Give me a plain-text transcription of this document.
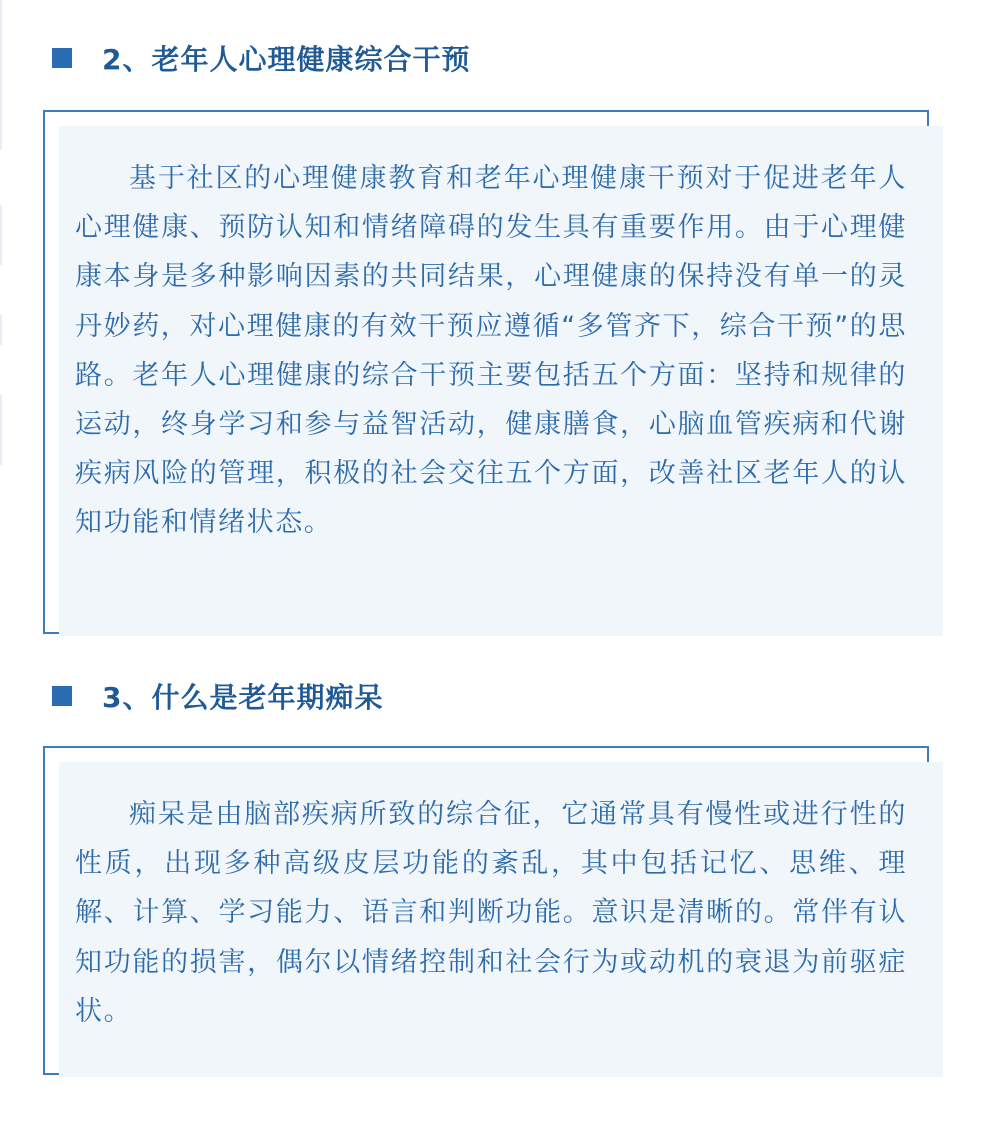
2、老年人心理健康综合干预

基于社区的心理健康教育和老年心理健康干预对于促进老年人心理健康、预防认知和情绪障碍的发生具有重要作用。由于心理健康本身是多种影响因素的共同结果，心理健康的保持没有单一的灵丹妙药，对心理健康的有效干预应遵循“多管齐下，综合干预”的思路。老年人心理健康的综合干预主要包括五个方面：坚持和规律的运动，终身学习和参与益智活动，健康膳食，心脑血管疾病和代谢疾病风险的管理，积极的社会交往五个方面，改善社区老年人的认知功能和情绪状态。

3、什么是老年期痴呆

痴呆是由脑部疾病所致的综合征，它通常具有慢性或进行性的性质，出现多种高级皮层功能的紊乱，其中包括记忆、思维、理解、计算、学习能力、语言和判断功能。意识是清晰的。常伴有认知功能的损害，偶尔以情绪控制和社会行为或动机的衰退为前驱症状。
